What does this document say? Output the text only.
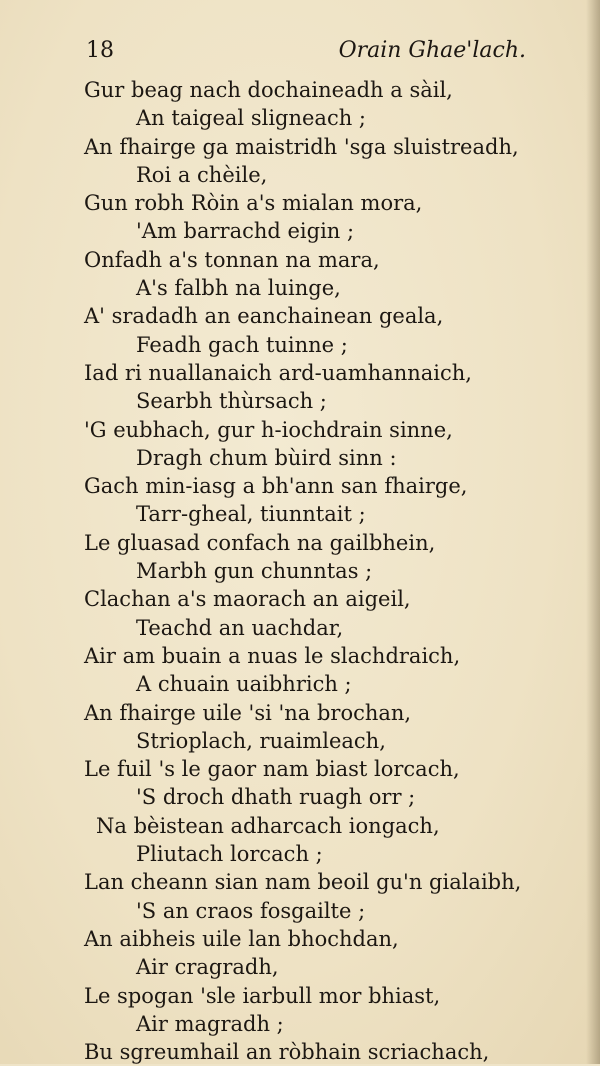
18	Orain Ghae'lach.
Gur beag nach dochaineadh a sàil,
An taigeal sligneach ;
An fhairge ga maistridh 'sga sluistreadh,
Roi a chèile,
Gun robh Ròin a's mialan mora,
'Am barrachd eigin ;
Onfadh a's tonnan na mara,
A's falbh na luinge,
A' sradadh an eanchainean geala,
Feadh gach tuinne ;
Iad ri nuallanaich ard-uamhannaich,
Searbh thùrsach ;
'G eubhach, gur h-iochdrain sinne,
Dragh chum bùird sinn :
Gach min-iasg a bh'ann san fhairge,
Tarr-gheal, tiunntait ;
Le gluasad confach na gailbhein,
Marbh gun chunntas ;
Clachan a's maorach an aigeil,
Teachd an uachdar,
Air am buain a nuas le slachdraich,
A chuain uaibhrich ;
An fhairge uile 'si 'na brochan,
Strioplach, ruaimleach,
Le fuil 's le gaor nam biast lorcach,
'S droch dhath ruagh orr ;
Na bèistean adharcach iongach,
Pliutach lorcach ;
Lan cheann sian nam beoil gu'n gialaibh,
'S an craos fosgailte ;
An aibheis uile lan bhochdan,
Air cragradh,
Le spogan 'sle iarbull mor bhiast,
Air magradh ;
Bu sgreumhail an ròbhain scriachach,
